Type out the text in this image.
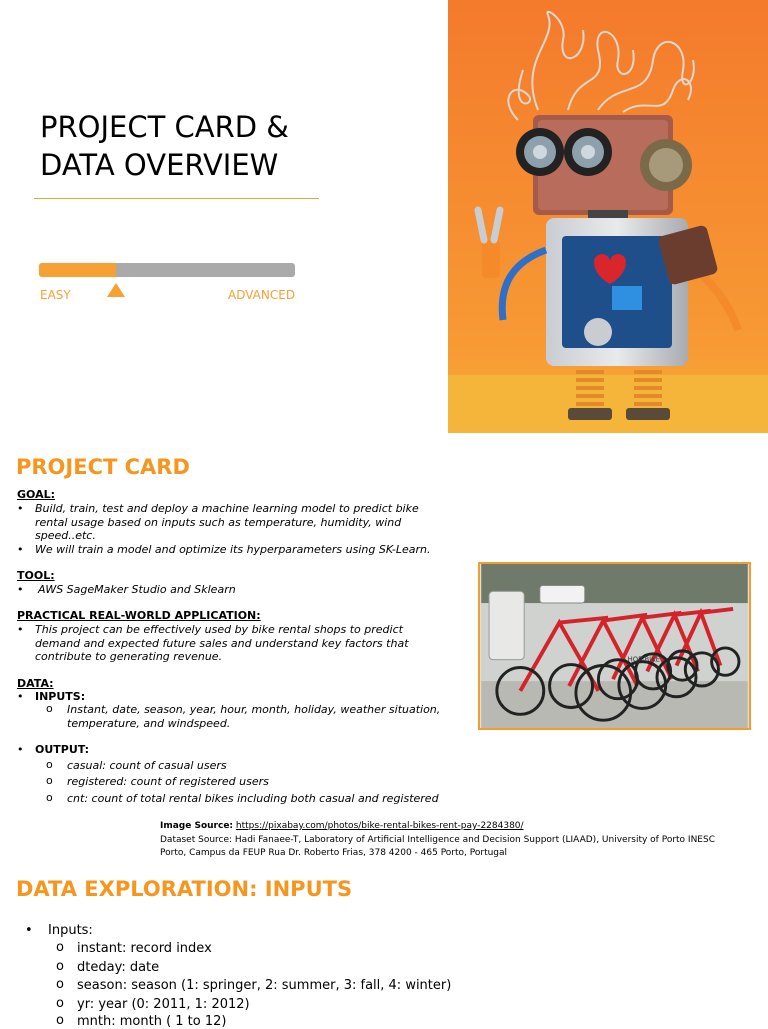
PROJECT CARD &
DATA OVERVIEW
EASY	ADVANCED
PROJECT CARD
GOAL:
• Build, train, test and deploy a machine learning model to predict bike
rental usage based on inputs such as temperature, humidity, wind
speed..etc.
• We will train a model and optimize its hyperparameters using SK-Learn.
TOOL:
• AWS SageMaker Studio and Sklearn
PRACTICAL REAL-WORLD APPLICATION:
• This project can be effectively used by bike rental shops to predict
demand and expected future sales and understand key factors that
contribute to generating revenue.
DATA:
• INPUTS:
o Instant, date, season, year, hour, month, holiday, weather situation,
temperature, and windspeed.
• OUTPUT:
o casual: count of casual users
o registered: count of registered users
o cnt: count of total rental bikes including both casual and registered
HOP·BIKE
Image Source: https://pixabay.com/photos/bike-rental-bikes-rent-pay-2284380/
Dataset Source: Hadi Fanaee-T, Laboratory of Artificial Intelligence and Decision Support (LIAAD), University of Porto INESC
Porto, Campus da FEUP Rua Dr. Roberto Frias, 378 4200 - 465 Porto, Portugal
DATA EXPLORATION: INPUTS
• Inputs:
o instant: record index
o dteday: date
o season: season (1: springer, 2: summer, 3: fall, 4: winter)
o yr: year (0: 2011, 1: 2012)
o mnth: month ( 1 to 12)
